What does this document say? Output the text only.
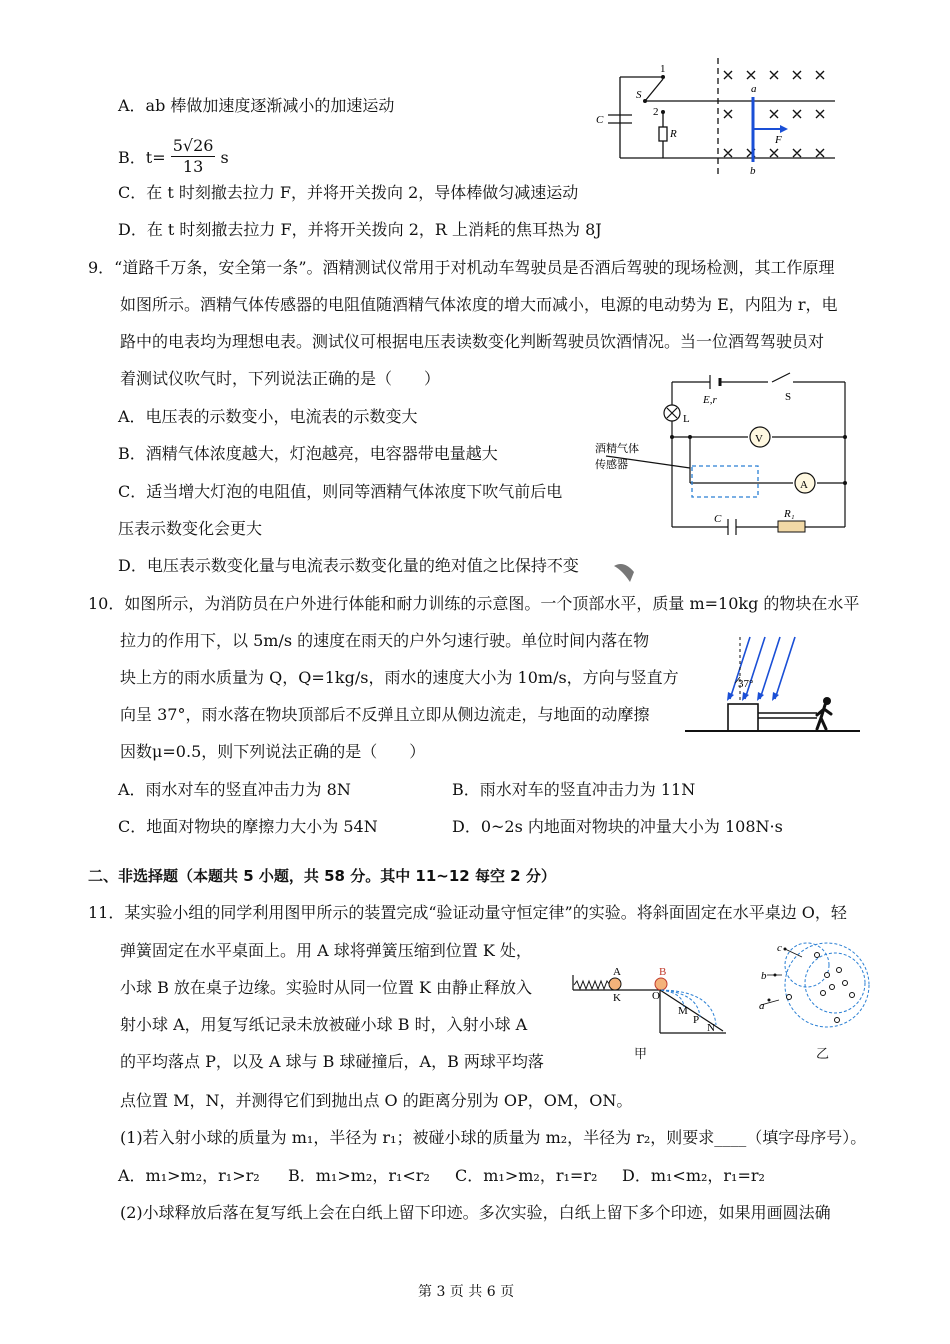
A．ab 棒做加速度逐渐减小的加速运动
B．$t= \frac{5√26}{13}$ s
C．在 t 时刻撤去拉力 F，并将开关拨向 2，导体棒做匀减速运动
D．在 t 时刻撤去拉力 F，并将开关拨向 2，R 上消耗的焦耳热为 8J
1
S
2
C
R
a
b
F
9．“道路千万条，安全第一条”。酒精测试仪常用于对机动车驾驶员是否酒后驾驶的现场检测，其工作原理
如图所示。酒精气体传感器的电阻值随酒精气体浓度的增大而减小，电源的电动势为 E，内阻为 r，电
路中的电表均为理想电表。测试仪可根据电压表读数变化判断驾驶员饮酒情况。当一位酒驾驾驶员对
着测试仪吹气时，下列说法正确的是（　　）
A．电压表的示数变小，电流表的示数变大
B．酒精气体浓度越大，灯泡越亮，电容器带电量越大
C．适当增大灯泡的电阻值，则同等酒精气体浓度下吹气前后电
压表示数变化会更大
D．电压表示数变化量与电流表示数变化量的绝对值之比保持不变
V
A
E,r	S
L
酒精气体
传感器
C	R₁
10．如图所示，为消防员在户外进行体能和耐力训练的示意图。一个顶部水平，质量 m=10kg 的物块在水平
拉力的作用下，以 5m/s 的速度在雨天的户外匀速行驶。单位时间内落在物
块上方的雨水质量为 Q，Q=1kg/s，雨水的速度大小为 10m/s，方向与竖直方
向呈 37°，雨水落在物块顶部后不反弹且立即从侧边流走，与地面的动摩擦
因数μ=0.5，则下列说法正确的是（　　）
A．雨水对车的竖直冲击力为 8N	B．雨水对车的竖直冲击力为 11N
C．地面对物块的摩擦力大小为 54N	D．0~2s 内地面对物块的冲量大小为 108N·s
37°
二、非选择题（本题共 5 小题，共 58 分。其中 11~12 每空 2 分）
11．某实验小组的同学利用图甲所示的装置完成“验证动量守恒定律”的实验。将斜面固定在水平桌边 O，轻
弹簧固定在水平桌面上。用 A 球将弹簧压缩到位置 K 处，
小球 B 放在桌子边缘。实验时从同一位置 K 由静止释放入
射小球 A，用复写纸记录未放被碰小球 B 时，入射小球 A
的平均落点 P，以及 A 球与 B 球碰撞后，A，B 两球平均落
点位置 M，N，并测得它们到抛出点 O 的距离分别为 OP，OM，ON。
(1)若入射小球的质量为 m₁，半径为 r₁；被碰小球的质量为 m₂，半径为 r₂，则要求____（填字母序号）。
A．m₁>m₂，r₁>r₂ B．m₁>m₂，r₁<r₂ C．m₁>m₂，r₁=r₂ D．m₁<m₂，r₁=r₂
(2)小球释放后落在复写纸上会在白纸上留下印迹。多次实验，白纸上留下多个印迹，如果用画圆法确
A	B
K	O
M
P
N
甲
a
b
c
乙
第 3 页 共 6 页
